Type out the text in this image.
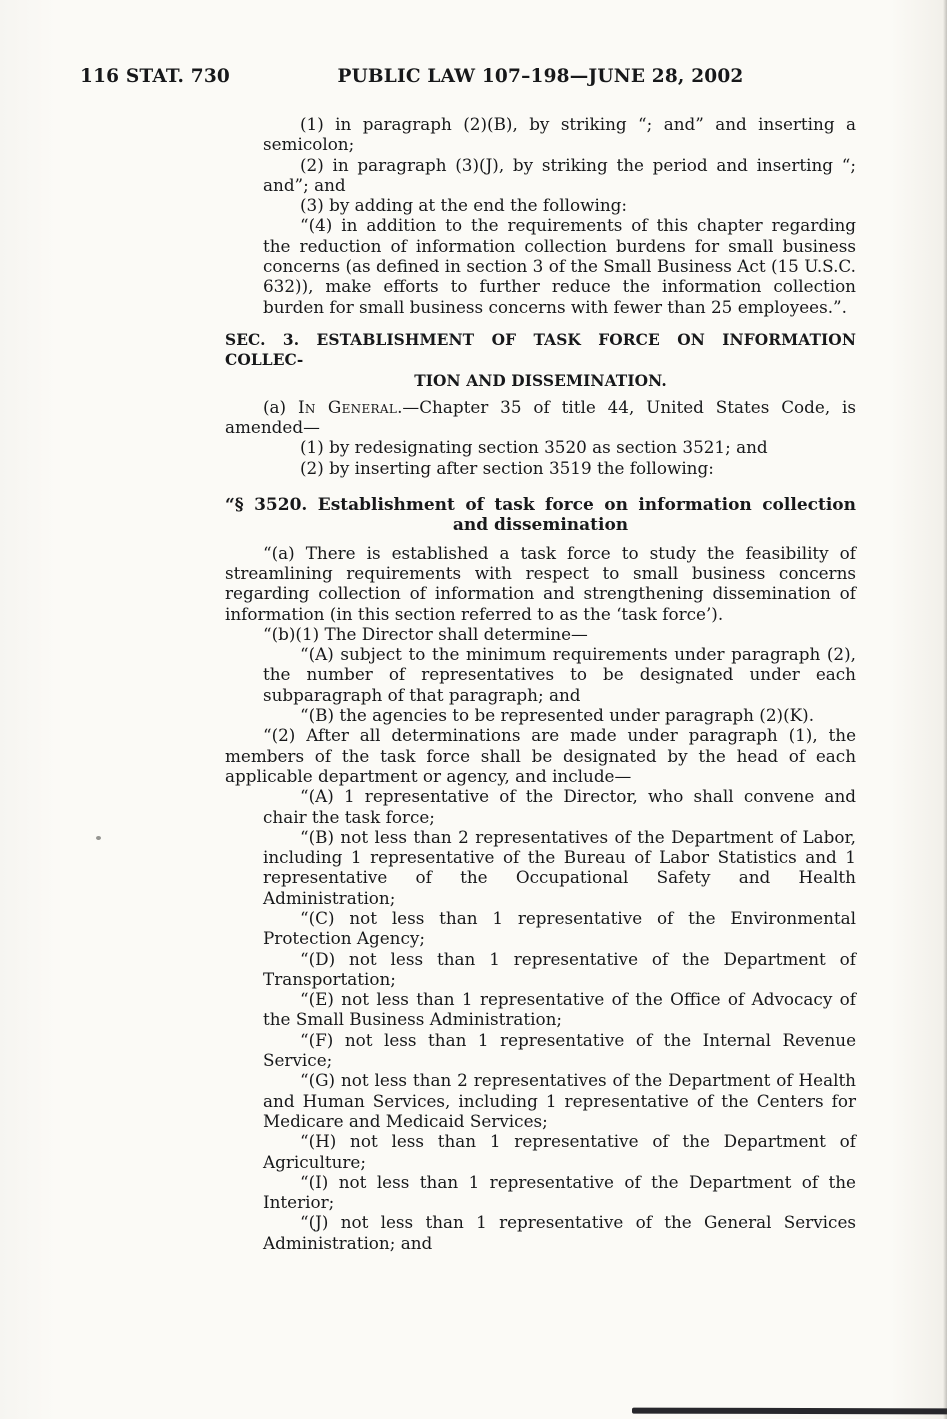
116 STAT. 730	PUBLIC LAW 107–198—JUNE 28, 2002

(1) in paragraph (2)(B), by striking “; and” and inserting a semicolon;

(2) in paragraph (3)(J), by striking the period and inserting “; and”; and

(3) by adding at the end the following:

“(4) in addition to the requirements of this chapter regarding the reduction of information collection burdens for small business concerns (as defined in section 3 of the Small Business Act (15 U.S.C. 632)), make efforts to further reduce the information collection burden for small business concerns with fewer than 25 employees.”.

SEC. 3. ESTABLISHMENT OF TASK FORCE ON INFORMATION COLLEC-
TION AND DISSEMINATION.

(a) In General.—Chapter 35 of title 44, United States Code, is amended—

(1) by redesignating section 3520 as section 3521; and

(2) by inserting after section 3519 the following:

“§ 3520. Establishment of task force on information collection
and dissemination

“(a) There is established a task force to study the feasibility of streamlining requirements with respect to small business concerns regarding collection of information and strengthening dissemination of information (in this section referred to as the ‘task force’).

“(b)(1) The Director shall determine—

“(A) subject to the minimum requirements under paragraph (2), the number of representatives to be designated under each subparagraph of that paragraph; and

“(B) the agencies to be represented under paragraph (2)(K).

“(2) After all determinations are made under paragraph (1), the members of the task force shall be designated by the head of each applicable department or agency, and include—

“(A) 1 representative of the Director, who shall convene and chair the task force;

“(B) not less than 2 representatives of the Department of Labor, including 1 representative of the Bureau of Labor Statistics and 1 representative of the Occupational Safety and Health Administration;

“(C) not less than 1 representative of the Environmental Protection Agency;

“(D) not less than 1 representative of the Department of Transportation;

“(E) not less than 1 representative of the Office of Advocacy of the Small Business Administration;

“(F) not less than 1 representative of the Internal Revenue Service;

“(G) not less than 2 representatives of the Department of Health and Human Services, including 1 representative of the Centers for Medicare and Medicaid Services;

“(H) not less than 1 representative of the Department of Agriculture;

“(I) not less than 1 representative of the Department of the Interior;

“(J) not less than 1 representative of the General Services Administration; and
